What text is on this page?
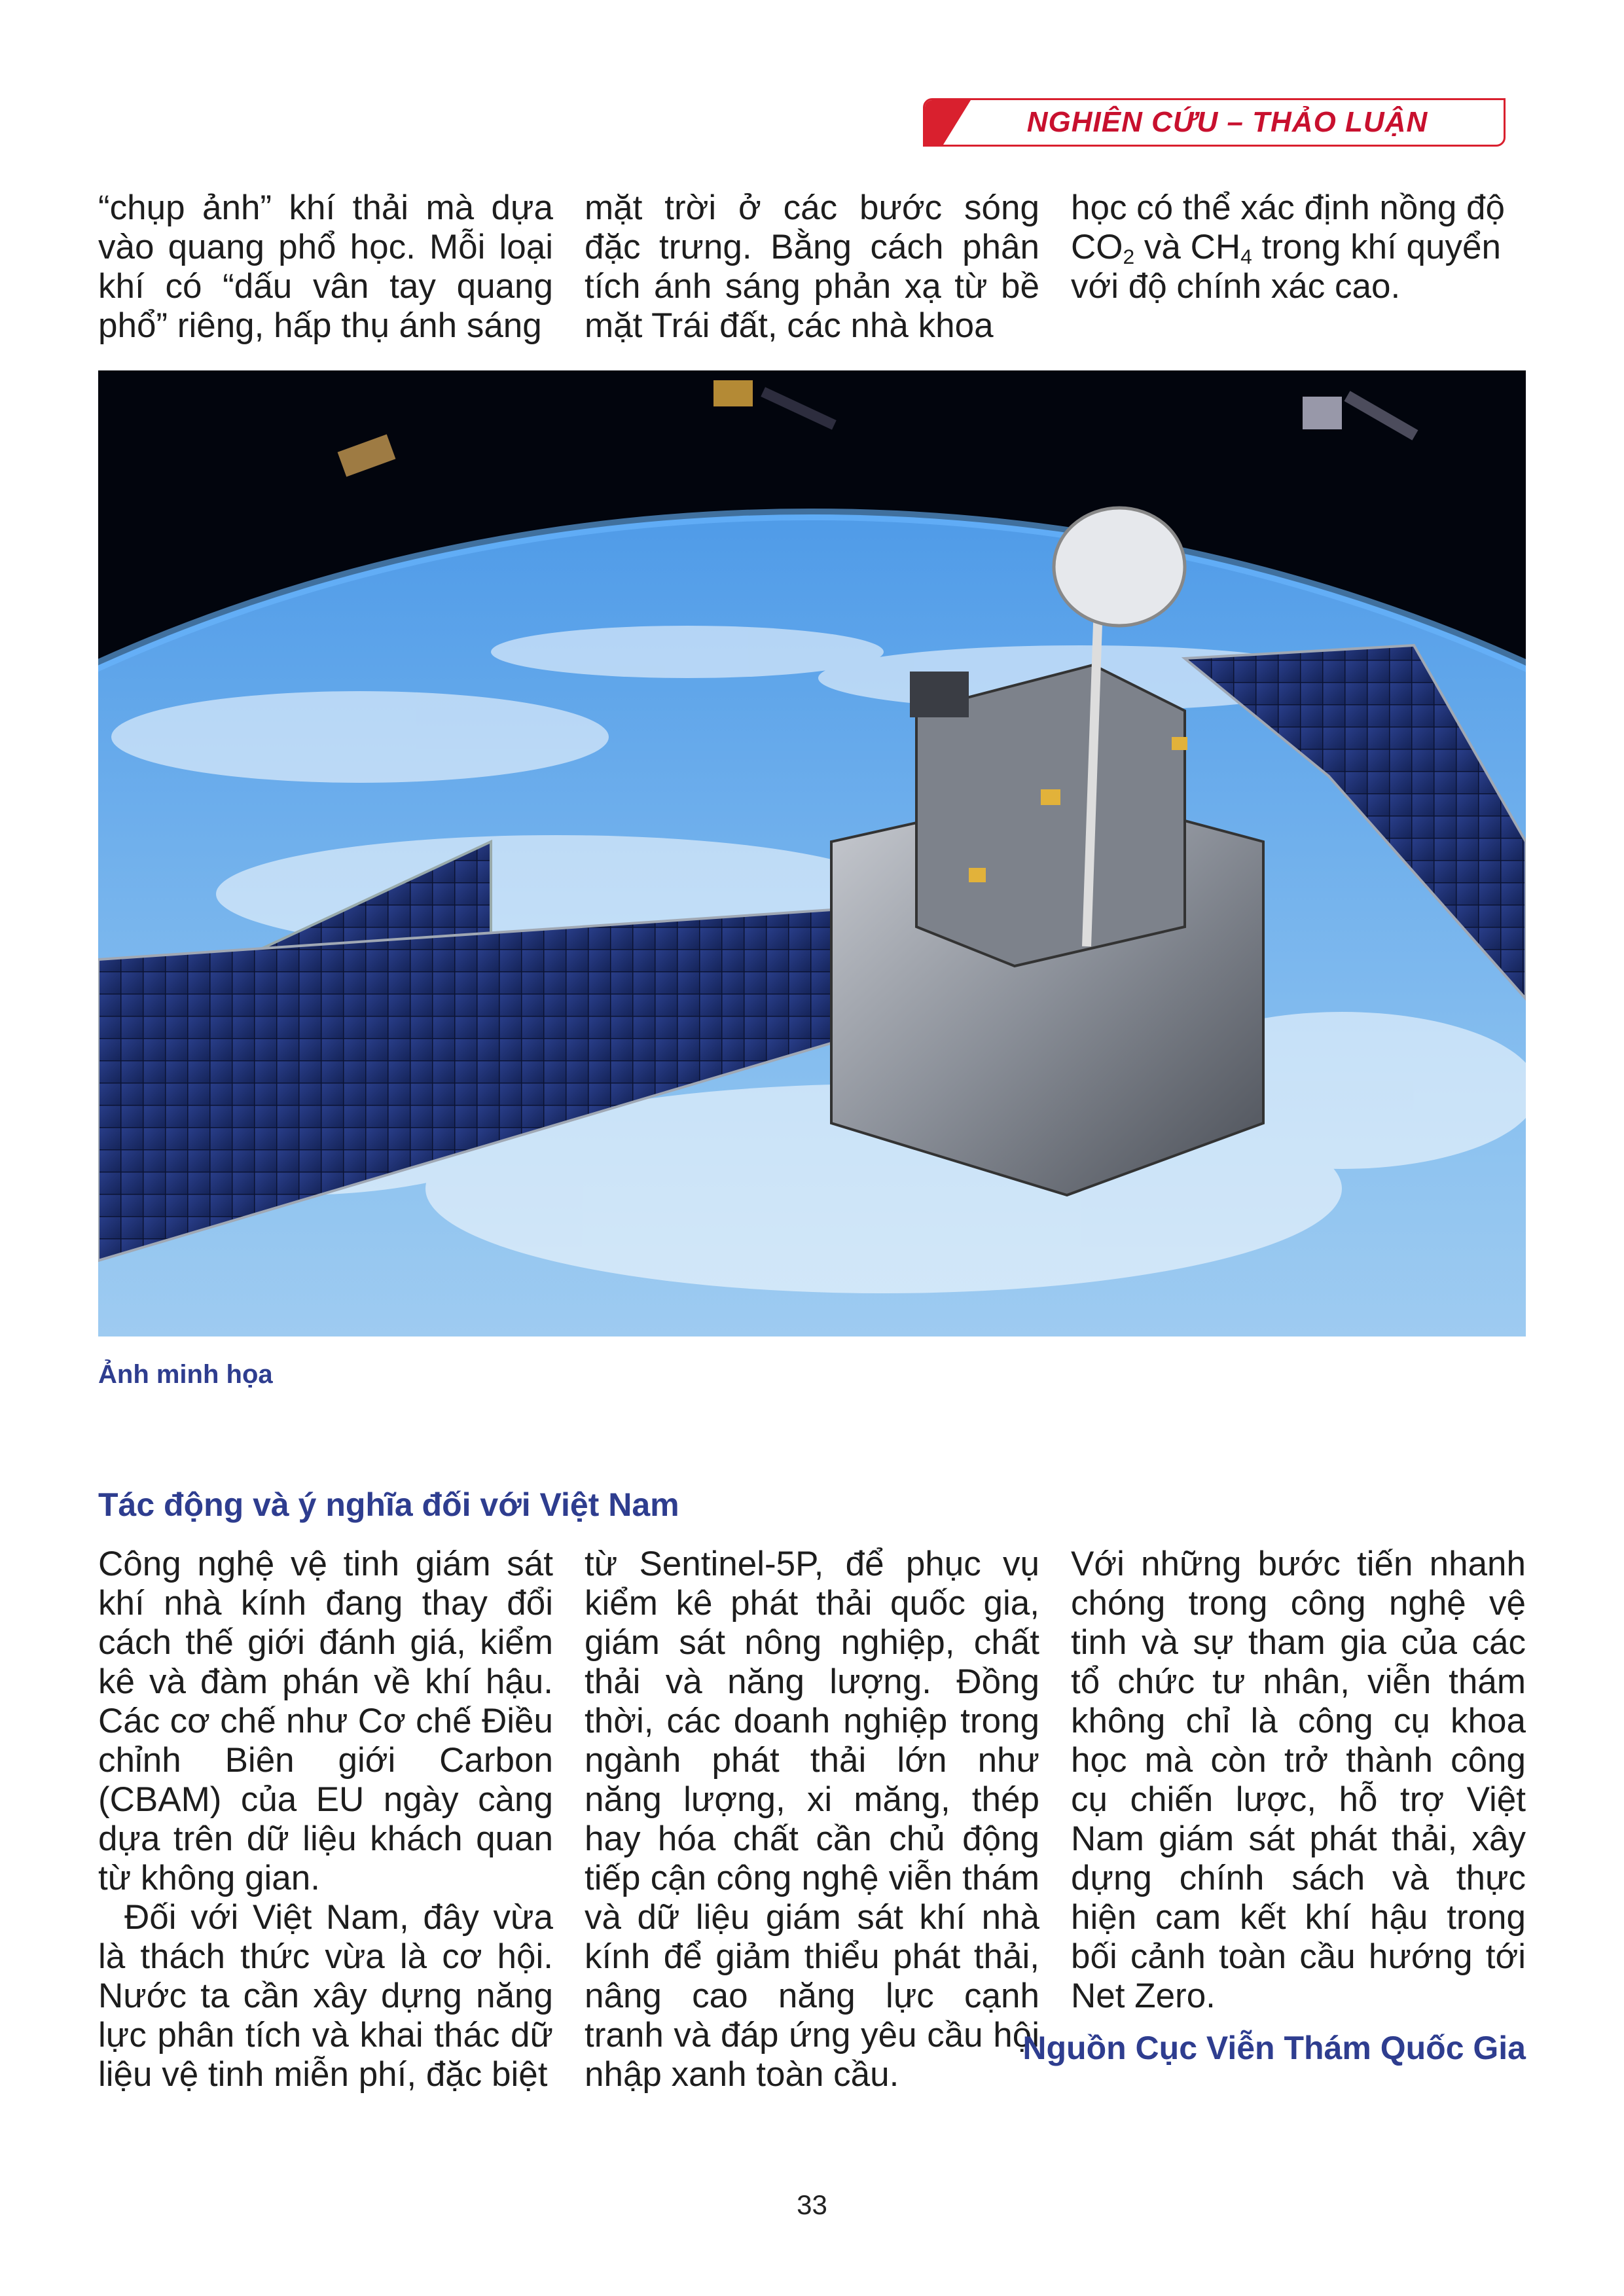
NGHIÊN CỨU – THẢO LUẬN

“chụp ảnh” khí thải mà dựa vào quang phổ học. Mỗi loại khí có “dấu vân tay quang phổ” riêng, hấp thụ ánh sáng

mặt trời ở các bước sóng đặc trưng. Bằng cách phân tích ánh sáng phản xạ từ bề mặt Trái đất, các nhà khoa

học có thể xác định nồng độ $CO_2$ và $CH_4$ trong khí quyển với độ chính xác cao.

Ảnh minh họa
Tác động và ý nghĩa đối với Việt Nam

Công nghệ vệ tinh giám sát khí nhà kính đang thay đổi cách thế giới đánh giá, kiểm kê và đàm phán về khí hậu. Các cơ chế như Cơ chế Điều chỉnh Biên giới Carbon (CBAM) của EU ngày càng dựa trên dữ liệu khách quan từ không gian.

Đối với Việt Nam, đây vừa là thách thức vừa là cơ hội. Nước ta cần xây dựng năng lực phân tích và khai thác dữ liệu vệ tinh miễn phí, đặc biệt

từ Sentinel-5P, để phục vụ kiểm kê phát thải quốc gia, giám sát nông nghiệp, chất thải và năng lượng. Đồng thời, các doanh nghiệp trong ngành phát thải lớn như năng lượng, xi măng, thép hay hóa chất cần chủ động tiếp cận công nghệ viễn thám và dữ liệu giám sát khí nhà kính để giảm thiểu phát thải, nâng cao năng lực cạnh tranh và đáp ứng yêu cầu hội nhập xanh toàn cầu.

Với những bước tiến nhanh chóng trong công nghệ vệ tinh và sự tham gia của các tổ chức tư nhân, viễn thám không chỉ là công cụ khoa học mà còn trở thành công cụ chiến lược, hỗ trợ Việt Nam giám sát phát thải, xây dựng chính sách và thực hiện cam kết khí hậu trong bối cảnh toàn cầu hướng tới Net Zero.

Nguồn Cục Viễn Thám Quốc Gia
33
